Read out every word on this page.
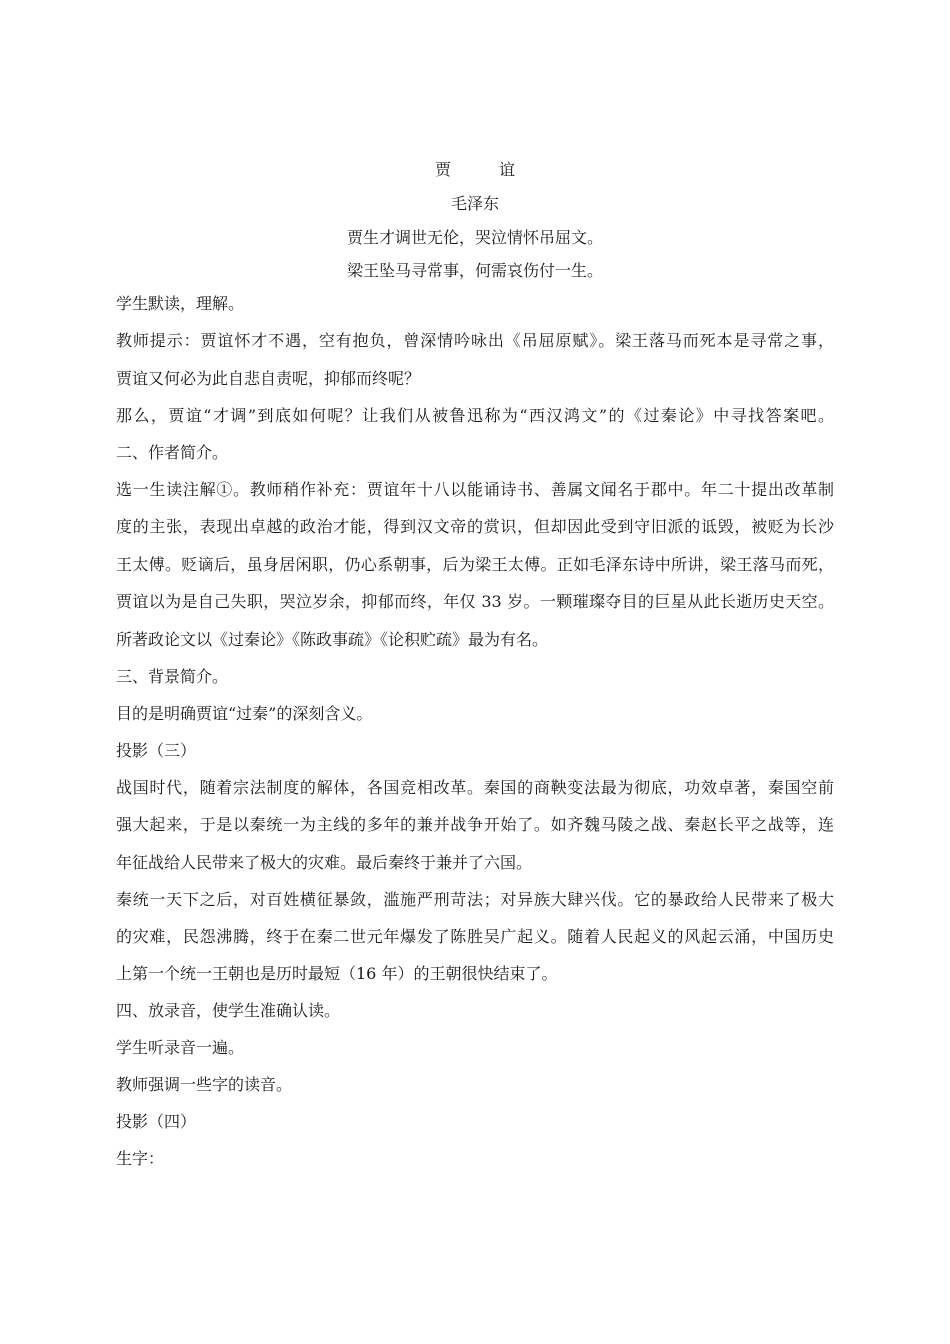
贾	谊
毛泽东
贾生才调世无伦，哭泣情怀吊屈文。
梁王坠马寻常事，何需哀伤付一生。
学生默读，理解。
教师提示：贾谊怀才不遇，空有抱负，曾深情吟咏出《吊屈原赋》。梁王落马而死本是寻常之事，
贾谊又何必为此自悲自责呢，抑郁而终呢？
那么，贾谊“才调”到底如何呢？让我们从被鲁迅称为“西汉鸿文”的《过秦论》中寻找答案吧。
二、作者简介。
选一生读注解①。教师稍作补充：贾谊年十八以能诵诗书、善属文闻名于郡中。年二十提出改革制
度的主张，表现出卓越的政治才能，得到汉文帝的赏识，但却因此受到守旧派的诋毁，被贬为长沙
王太傅。贬谪后，虽身居闲职，仍心系朝事，后为梁王太傅。正如毛泽东诗中所讲，梁王落马而死，
贾谊以为是自己失职，哭泣岁余，抑郁而终，年仅 33 岁。一颗璀璨夺目的巨星从此长逝历史天空。
所著政论文以《过秦论》《陈政事疏》《论积贮疏》最为有名。
三、背景简介。
目的是明确贾谊“过秦”的深刻含义。
投影（三）
战国时代，随着宗法制度的解体，各国竞相改革。秦国的商鞅变法最为彻底，功效卓著，秦国空前
强大起来，于是以秦统一为主线的多年的兼并战争开始了。如齐魏马陵之战、秦赵长平之战等，连
年征战给人民带来了极大的灾难。最后秦终于兼并了六国。
秦统一天下之后，对百姓横征暴敛，滥施严刑苛法；对异族大肆兴伐。它的暴政给人民带来了极大
的灾难，民怨沸腾，终于在秦二世元年爆发了陈胜吴广起义。随着人民起义的风起云涌，中国历史
上第一个统一王朝也是历时最短（16 年）的王朝很快结束了。
四、放录音，使学生准确认读。
学生听录音一遍。
教师强调一些字的读音。
投影（四）
生字：
